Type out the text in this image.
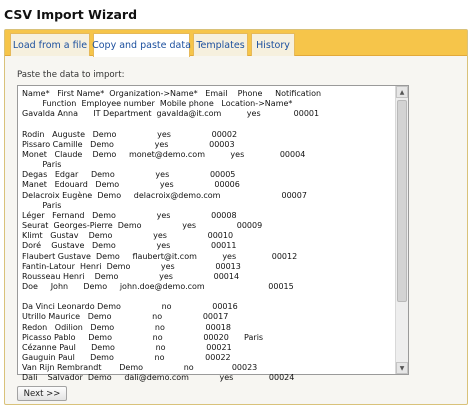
CSV Import Wizard
Load from a file Copy and paste data Templates	History
Paste the data to import:
Name*   First Name*  Organization->Name*   Email    Phone     Notification
Function  Employee number  Mobile phone   Location->Name*
Gavalda Anna      IT Department  gavalda@it.com          yes             00001

Rodin   Auguste   Demo                yes                00002
Pissaro Camille   Demo                yes                00003
Monet   Claude    Demo     monet@demo.com          yes              00004
Paris
Degas   Edgar     Demo                yes                00005
Manet   Edouard   Demo                yes                00006
Delacroix Eugène  Demo     delacroix@demo.com                        00007
Paris
Léger   Fernand   Demo                yes                00008
Seurat  Georges-Pierre  Demo                yes                00009
Klimt   Gustav    Demo                yes                00010
Doré    Gustave   Demo                yes                00011
Flaubert Gustave  Demo     flaubert@it.com          yes              00012
Fantin-Latour  Henri  Demo            yes                00013
Rousseau Henri    Demo                yes                00014
Doe     John      Demo     john.doe@demo.com                         00015

Da Vinci Leonardo Demo                no                00016
Utrillo Maurice   Demo                no                00017
Redon   Odilion   Demo                no                00018
Picasso Pablo     Demo                no                00020      Paris
Cézanne Paul      Demo                no                00021
Gauguin Paul      Demo                no                00022
Van Rijn Rembrandt       Demo                no               00023
Dali    Salvador  Demo     dali@demo.com            yes              00024
▲
▼
Next >>
